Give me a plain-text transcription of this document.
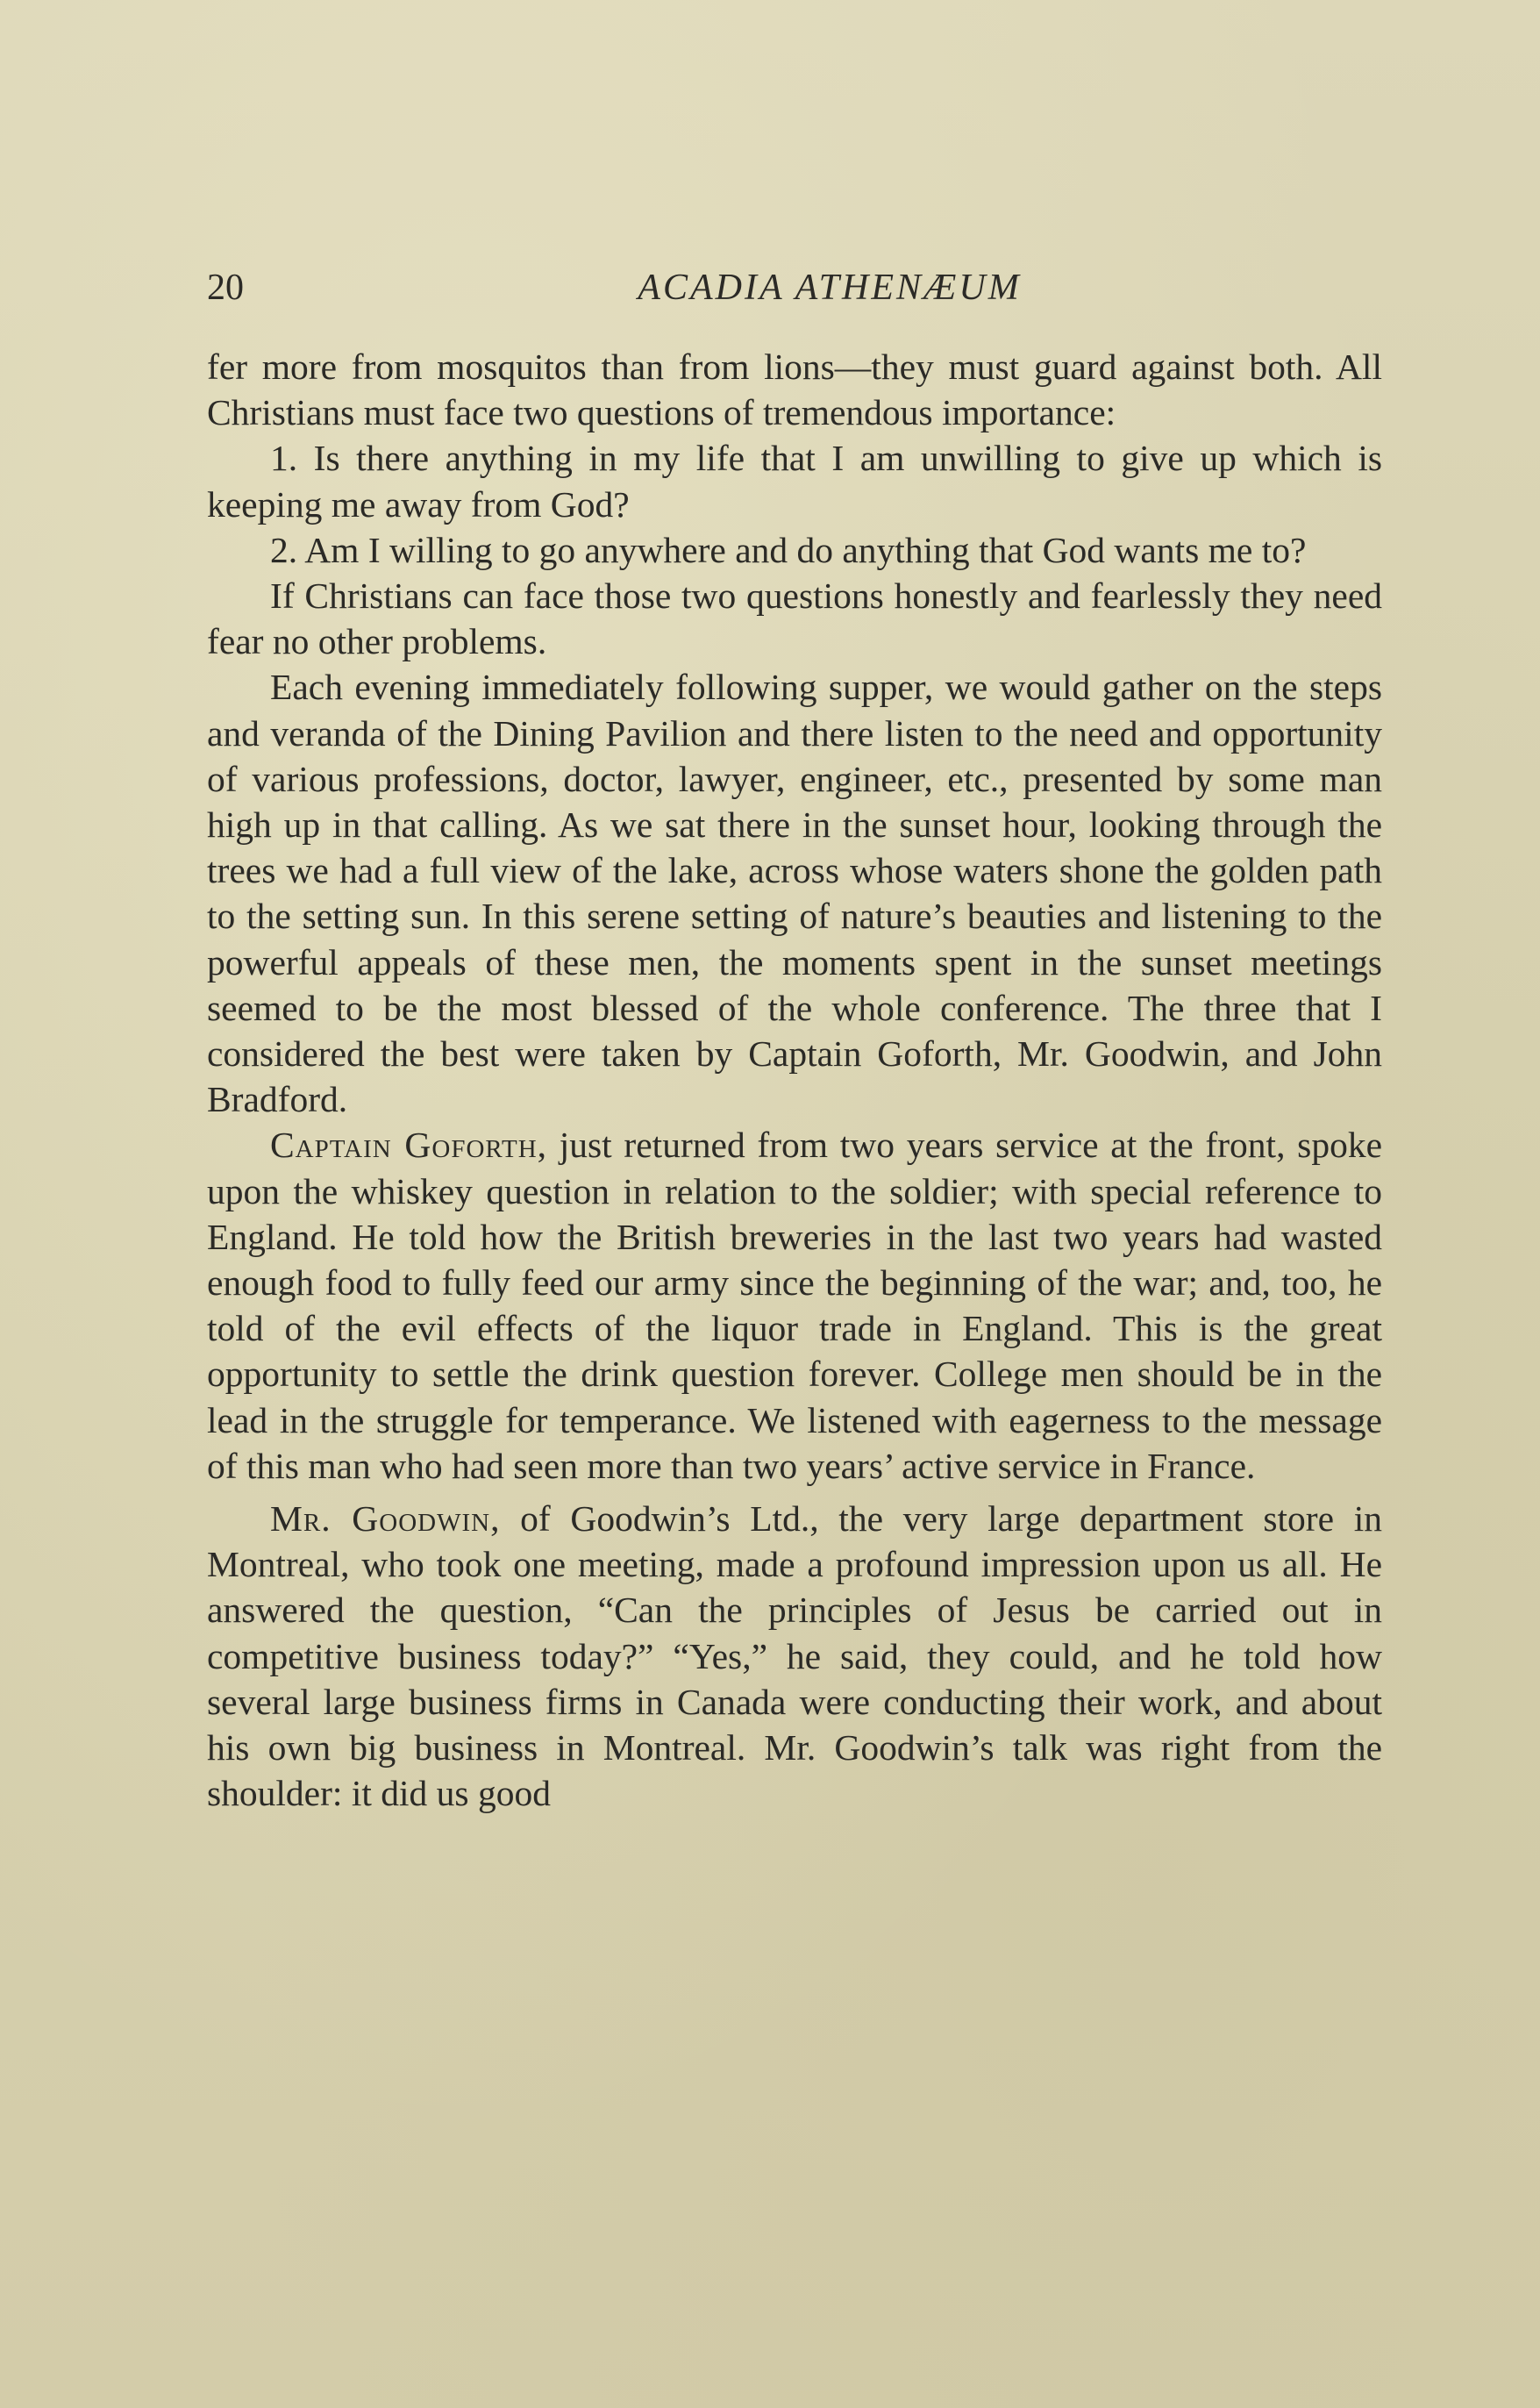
20	ACADIA ATHENÆUM

fer more from mosquitos than from lions—they must guard against both. All Christians must face two questions of tremendous importance:

1. Is there anything in my life that I am unwilling to give up which is keeping me away from God?

2. Am I willing to go anywhere and do anything that God wants me to?

If Christians can face those two questions honestly and fearlessly they need fear no other problems.

Each evening immediately following supper, we would gather on the steps and veranda of the Dining Pavilion and there listen to the need and opportunity of various professions, doctor, lawyer, engineer, etc., presented by some man high up in that calling. As we sat there in the sunset hour, looking through the trees we had a full view of the lake, across whose waters shone the golden path to the setting sun. In this serene setting of nature’s beauties and listening to the powerful appeals of these men, the moments spent in the sunset meetings seemed to be the most blessed of the whole conference. The three that I considered the best were taken by Captain Goforth, Mr. Goodwin, and John Bradford.

Captain Goforth, just returned from two years service at the front, spoke upon the whiskey question in relation to the soldier; with special reference to England. He told how the British breweries in the last two years had wasted enough food to fully feed our army since the beginning of the war; and, too, he told of the evil effects of the liquor trade in England. This is the great opportunity to settle the drink question forever. College men should be in the lead in the struggle for temperance. We listened with eagerness to the message of this man who had seen more than two years’ active service in France.

Mr. Goodwin, of Goodwin’s Ltd., the very large department store in Montreal, who took one meeting, made a profound impression upon us all. He answered the question, “Can the principles of Jesus be carried out in competitive business today?” “Yes,” he said, they could, and he told how several large business firms in Canada were conducting their work, and about his own big business in Montreal. Mr. Goodwin’s talk was right from the shoulder: it did us good
